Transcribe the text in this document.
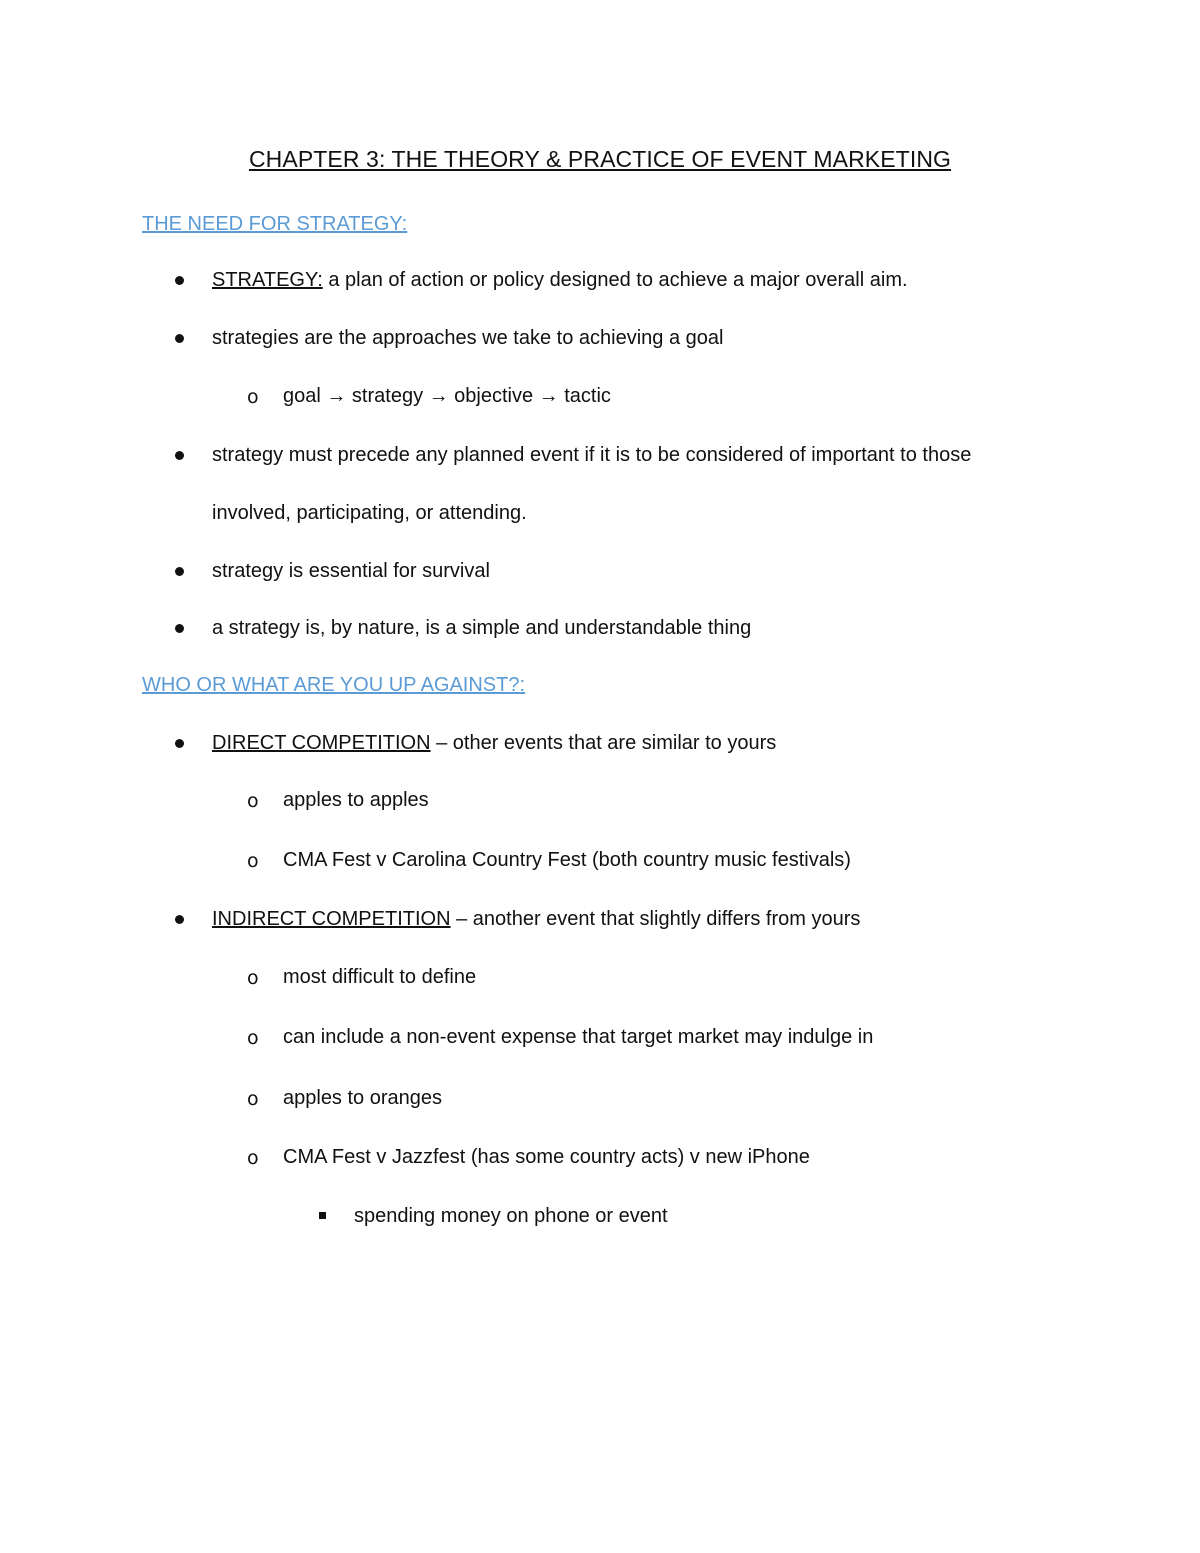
CHAPTER 3: THE THEORY & PRACTICE OF EVENT MARKETING
THE NEED FOR STRATEGY:
STRATEGY: a plan of action or policy designed to achieve a major overall aim.
strategies are the approaches we take to achieving a goal
o goal → strategy → objective → tactic
strategy must precede any planned event if it is to be considered of important to those
involved, participating, or attending.
strategy is essential for survival
a strategy is, by nature, is a simple and understandable thing
WHO OR WHAT ARE YOU UP AGAINST?:
DIRECT COMPETITION – other events that are similar to yours
o apples to apples
o CMA Fest v Carolina Country Fest (both country music festivals)
INDIRECT COMPETITION – another event that slightly differs from yours
o most difficult to define
o can include a non-event expense that target market may indulge in
o apples to oranges
o CMA Fest v Jazzfest (has some country acts) v new iPhone
spending money on phone or event
